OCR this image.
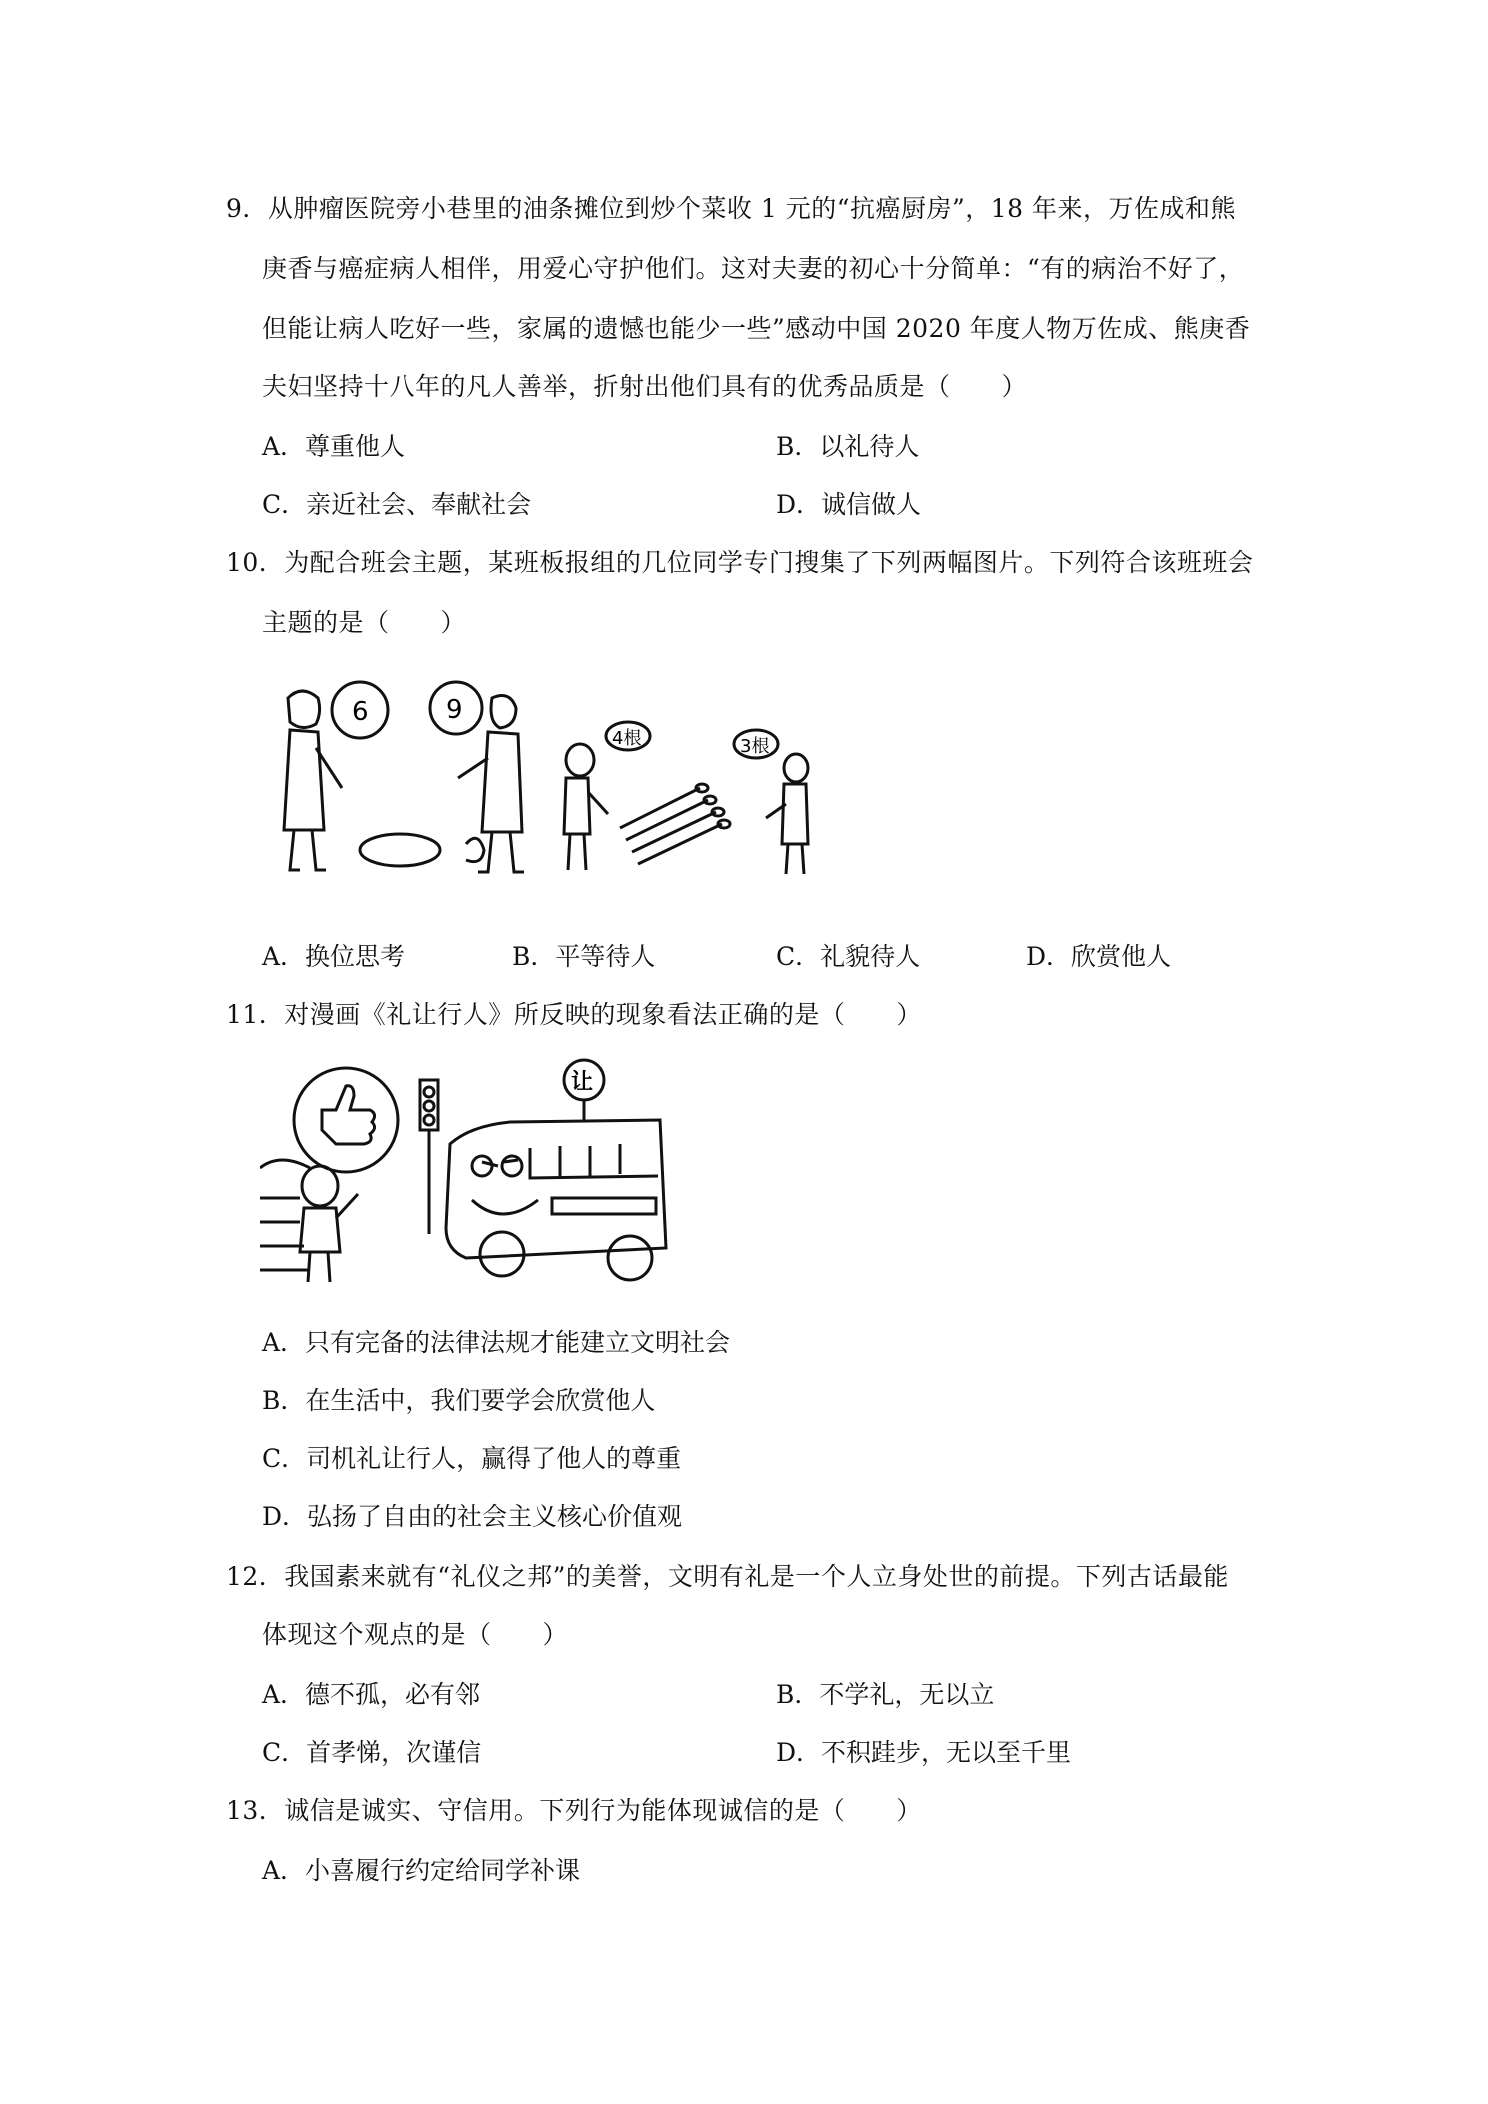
9．从肿瘤医院旁小巷里的油条摊位到炒个菜收 1 元的“抗癌厨房”，18 年来，万佐成和熊
庚香与癌症病人相伴，用爱心守护他们。这对夫妻的初心十分简单：“有的病治不好了，
但能让病人吃好一些，家属的遗憾也能少一些”感动中国 2020 年度人物万佐成、熊庚香
夫妇坚持十八年的凡人善举，折射出他们具有的优秀品质是（　　）
A．尊重他人	B．以礼待人
C．亲近社会、奉献社会	D．诚信做人
10．为配合班会主题，某班板报组的几位同学专门搜集了下列两幅图片。下列符合该班班会
主题的是（　　）
6	9
4根	3根
A．换位思考	B．平等待人	C．礼貌待人	D．欣赏他人
11．对漫画《礼让行人》所反映的现象看法正确的是（　　）
让
A．只有完备的法律法规才能建立文明社会
B．在生活中，我们要学会欣赏他人
C．司机礼让行人，赢得了他人的尊重
D．弘扬了自由的社会主义核心价值观
12．我国素来就有“礼仪之邦”的美誉，文明有礼是一个人立身处世的前提。下列古话最能
体现这个观点的是（　　）
A．德不孤，必有邻	B．不学礼，无以立
C．首孝悌，次谨信	D．不积跬步，无以至千里
13．诚信是诚实、守信用。下列行为能体现诚信的是（　　）
A．小喜履行约定给同学补课
